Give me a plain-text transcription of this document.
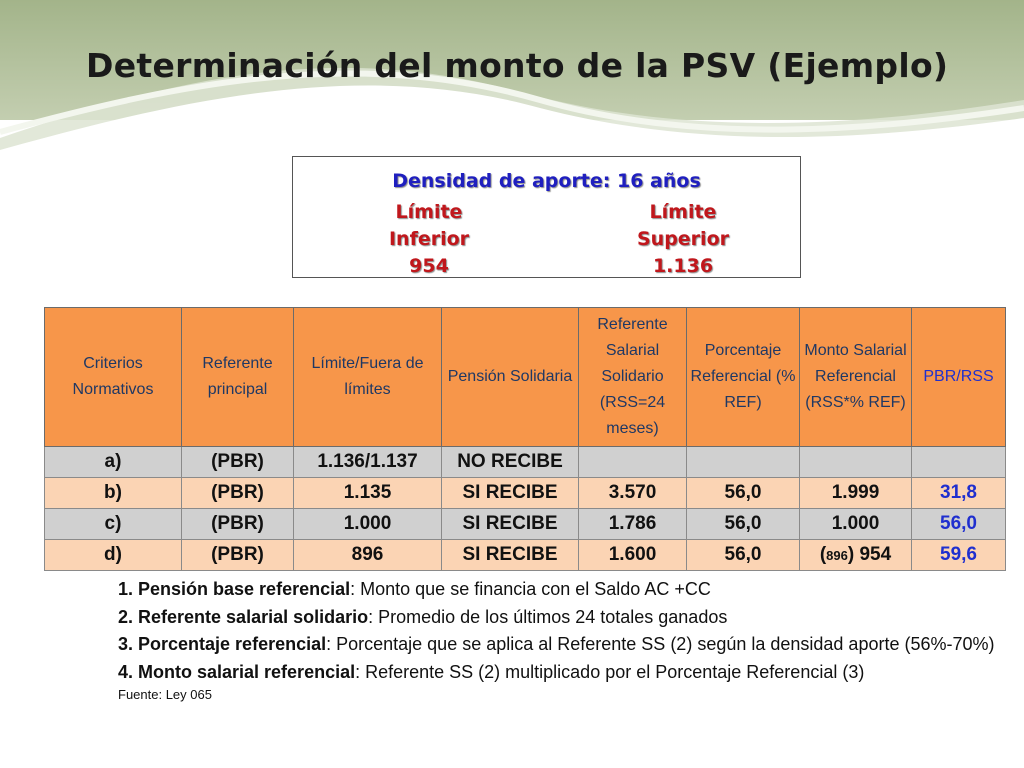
Determinación del monto de la PSV (Ejemplo)
Densidad de aporte: 16 años
Límite
Inferior
954
Límite
Superior
1.136
Criterios Normativos	Referente principal	Límite/Fuera de límites	Pensión Solidaria	Referente Salarial Solidario (RSS=24 meses)	Porcentaje Referencial (% REF)	Monto Salarial Referencial (RSS*% REF)	PBR/RSS
a)	(PBR)	1.136/1.137	NO RECIBE				
b)	(PBR)	1.135	SI RECIBE	3.570	56,0	1.999	31,8
c)	(PBR)	1.000	SI RECIBE	1.786	56,0	1.000	56,0
d)	(PBR)	896	SI RECIBE	1.600	56,0	(896) 954	59,6
1. Pensión base referencial: Monto que se financia con el Saldo AC +CC
2. Referente salarial solidario: Promedio de los últimos 24 totales ganados
3. Porcentaje referencial: Porcentaje que se aplica al Referente SS (2) según la densidad aporte (56%-70%)
4. Monto salarial referencial: Referente SS (2) multiplicado por el Porcentaje Referencial (3)
Fuente: Ley 065
